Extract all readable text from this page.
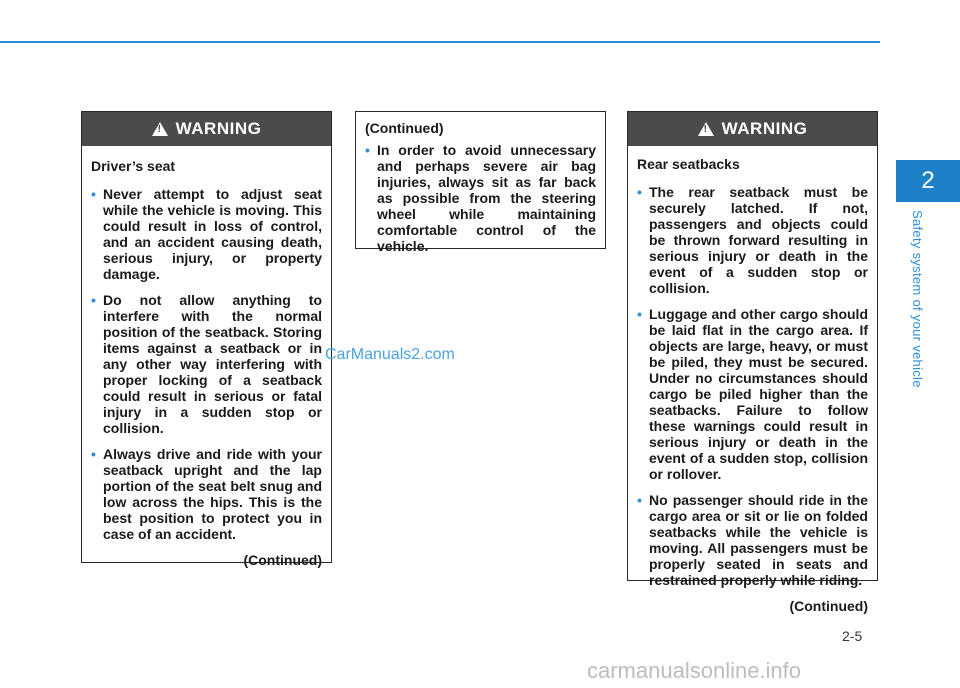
!
WARNING
Driver’s seat
• Never attempt to adjust seat while the vehicle is moving. This could result in loss of control, and an accident causing death, serious injury, or property damage.
• Do not allow anything to interfere with the normal position of the seatback. Storing items against a seatback or in any other way interfering with proper locking of a seatback could result in serious or fatal injury in a sudden stop or collision.
• Always drive and ride with your seatback upright and the lap portion of the seat belt snug and low across the hips. This is the best position to protect you in case of an accident.
(Continued)
(Continued)
• In order to avoid unnecessary and perhaps severe air bag injuries, always sit as far back as possible from the steering wheel while maintaining comfortable control of the vehicle.
!
WARNING
Rear seatbacks
• The rear seatback must be securely latched. If not, passengers and objects could be thrown forward resulting in serious injury or death in the event of a sudden stop or collision.
• Luggage and other cargo should be laid flat in the cargo area. If objects are large, heavy, or must be piled, they must be secured. Under no circumstances should cargo be piled higher than the seatbacks. Failure to follow these warnings could result in serious injury or death in the event of a sudden stop, collision or rollover.
• No passenger should ride in the cargo area or sit or lie on folded seatbacks while the vehicle is moving. All passengers must be properly seated in seats and restrained properly while riding.
(Continued)
2
Safety system of your vehicle
2-5
CarManuals2.com
carmanualsonline.info
